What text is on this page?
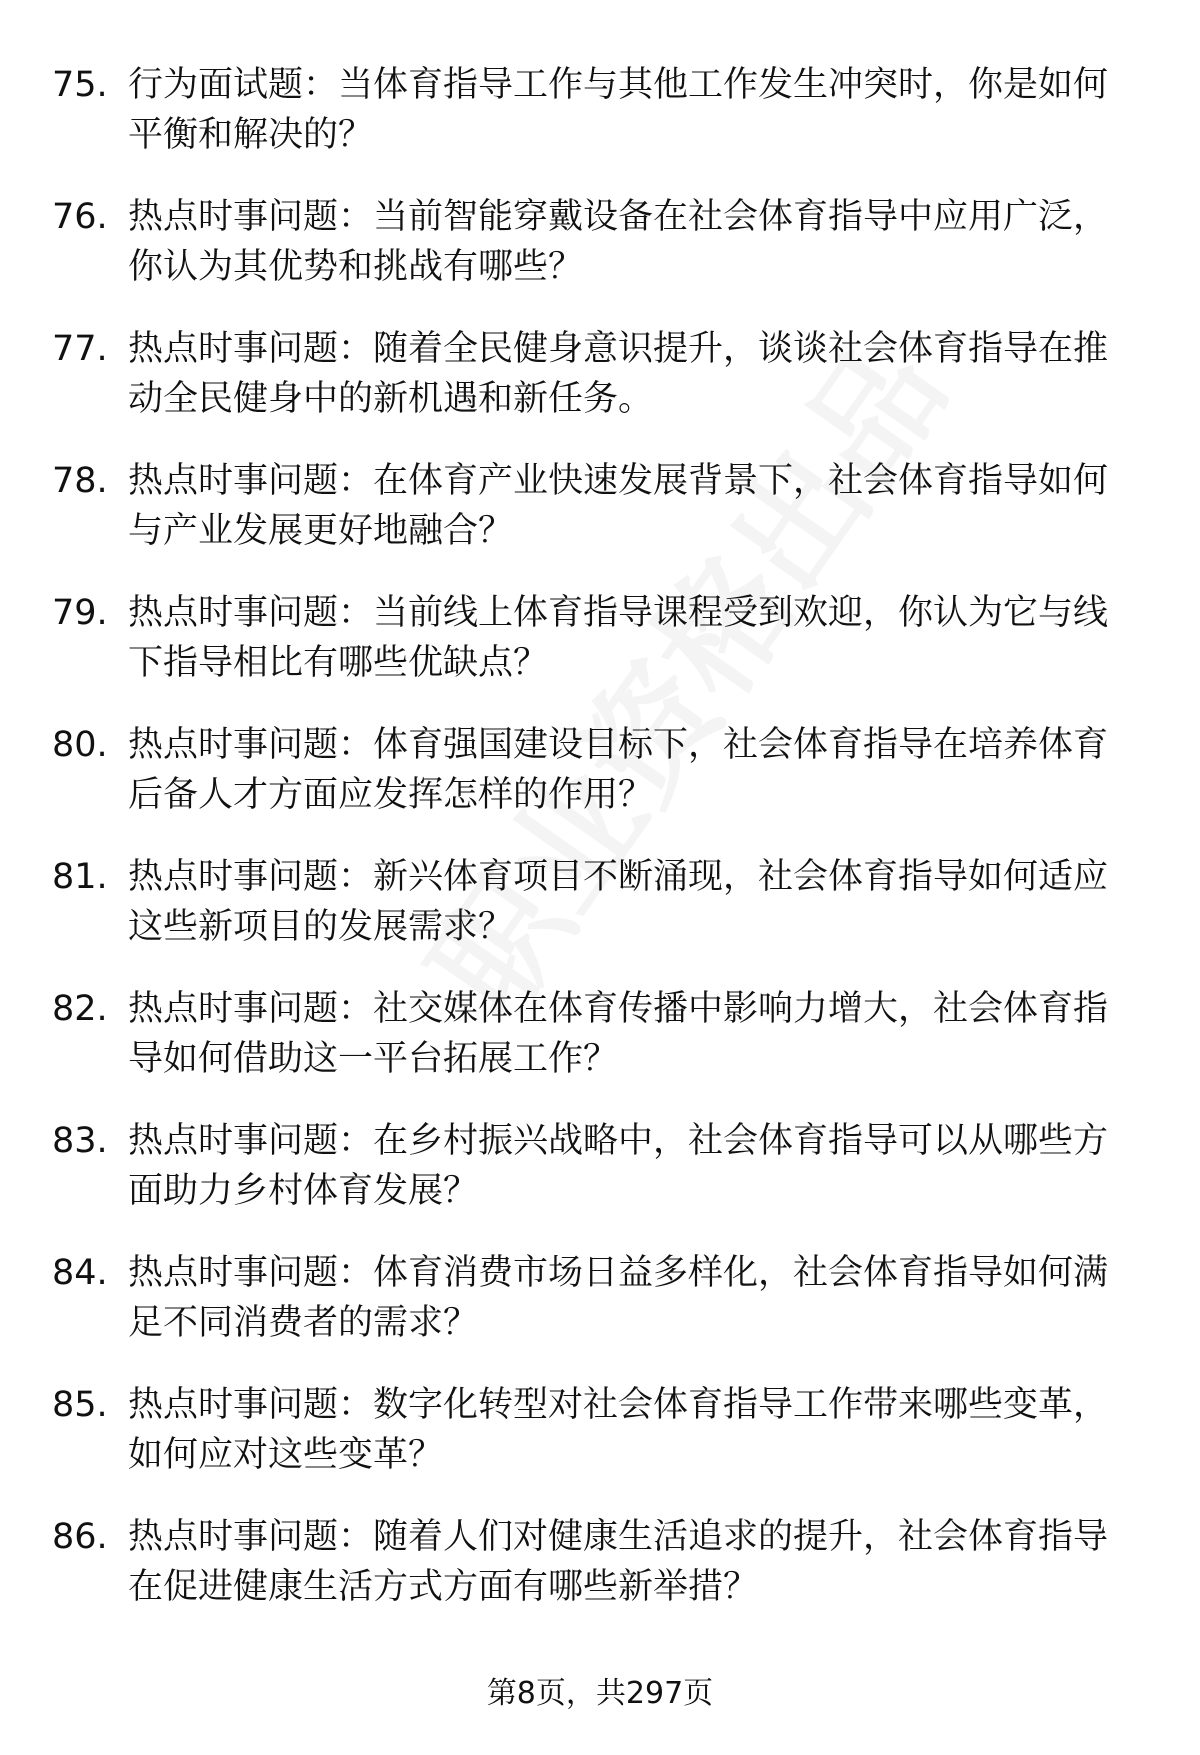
75. 行为面试题：当体育指导工作与其他工作发生冲突时，你是如何平衡和解决的？
76. 热点时事问题：当前智能穿戴设备在社会体育指导中应用广泛，你认为其优势和挑战有哪些？
77. 热点时事问题：随着全民健身意识提升，谈谈社会体育指导在推动全民健身中的新机遇和新任务。
78. 热点时事问题：在体育产业快速发展背景下，社会体育指导如何与产业发展更好地融合？
79. 热点时事问题：当前线上体育指导课程受到欢迎，你认为它与线下指导相比有哪些优缺点？
80. 热点时事问题：体育强国建设目标下，社会体育指导在培养体育后备人才方面应发挥怎样的作用？
81. 热点时事问题：新兴体育项目不断涌现，社会体育指导如何适应这些新项目的发展需求？
82. 热点时事问题：社交媒体在体育传播中影响力增大，社会体育指导如何借助这一平台拓展工作？
83. 热点时事问题：在乡村振兴战略中，社会体育指导可以从哪些方面助力乡村体育发展？
84. 热点时事问题：体育消费市场日益多样化，社会体育指导如何满足不同消费者的需求？
85. 热点时事问题：数字化转型对社会体育指导工作带来哪些变革，如何应对这些变革？
86. 热点时事问题：随着人们对健康生活追求的提升，社会体育指导在促进健康生活方式方面有哪些新举措？
第8页，共297页
